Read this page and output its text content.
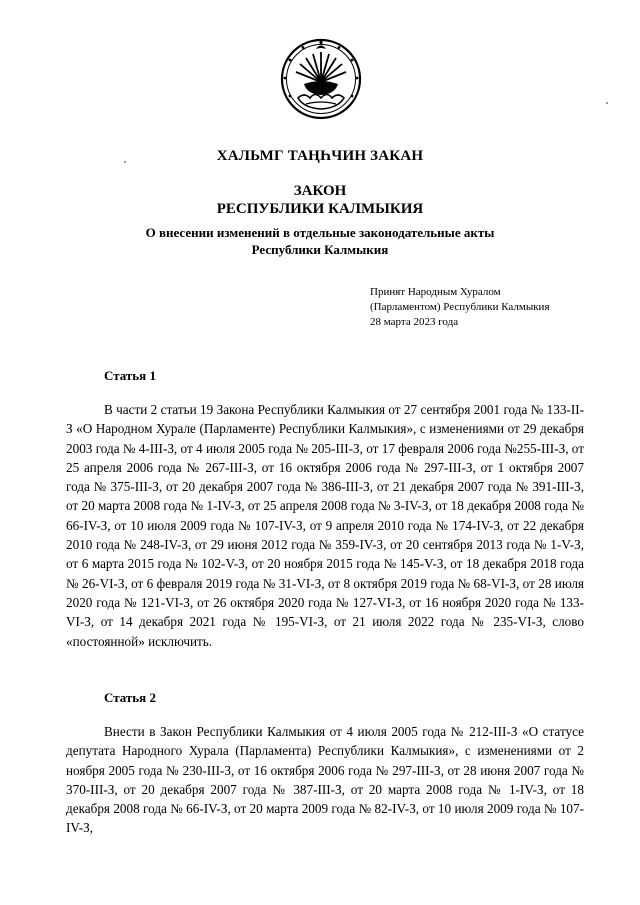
ХАЛЬМГ ТАҢҺЧИН ЗАКАН
ЗАКОН
РЕСПУБЛИКИ КАЛМЫКИЯ
О внесении изменений в отдельные законодательные акты
Республики Калмыкия
Принят Народным Хуралом
(Парламентом) Республики Калмыкия
28 марта 2023 года
Статья 1

В части 2 статьи 19 Закона Республики Калмыкия от 27 сентября 2001 года № 133-II-З «О Народном Хурале (Парламенте) Республики Калмыкия», с изменениями от 29 декабря 2003 года № 4-III-З, от 4 июля 2005 года № 205-III-З, от 17 февраля 2006 года №255-III-З, от 25 апреля 2006 года № 267-III-З, от 16 октября 2006 года № 297-III-З, от 1 октября 2007 года № 375-III-З, от 20 декабря 2007 года № 386-III-З, от 21 декабря 2007 года № 391-III-З, от 20 марта 2008 года № 1-IV-З, от 25 апреля 2008 года № 3-IV-З, от 18 декабря 2008 года № 66-IV-З, от 10 июля 2009 года № 107-IV-З, от 9 апреля 2010 года № 174-IV-З, от 22 декабря 2010 года № 248-IV-З, от 29 июня 2012 года № 359-IV-З, от 20 сентября 2013 года № 1-V-З, от 6 марта 2015 года № 102-V-З, от 20 ноября 2015 года № 145-V-З, от 18 декабря 2018 года № 26-VI-З, от 6 февраля 2019 года № 31-VI-З, от 8 октября 2019 года № 68-VI-З, от 28 июля 2020 года № 121-VI-З, от 26 октября 2020 года № 127-VI-З, от 16 ноября 2020 года № 133-VI-З, от 14 декабря 2021 года № 195-VI-З, от 21 июля 2022 года № 235-VI-З, слово «постоянной» исключить.

Статья 2

Внести в Закон Республики Калмыкия от 4 июля 2005 года № 212-III-З «О статусе депутата Народного Хурала (Парламента) Республики Калмыкия», с изменениями от 2 ноября 2005 года № 230-III-З, от 16 октября 2006 года № 297-III-З, от 28 июня 2007 года № 370-III-З, от 20 декабря 2007 года № 387-III-З, от 20 марта 2008 года № 1-IV-З, от 18 декабря 2008 года № 66-IV-З, от 20 марта 2009 года № 82-IV-З, от 10 июля 2009 года № 107-IV-З,
